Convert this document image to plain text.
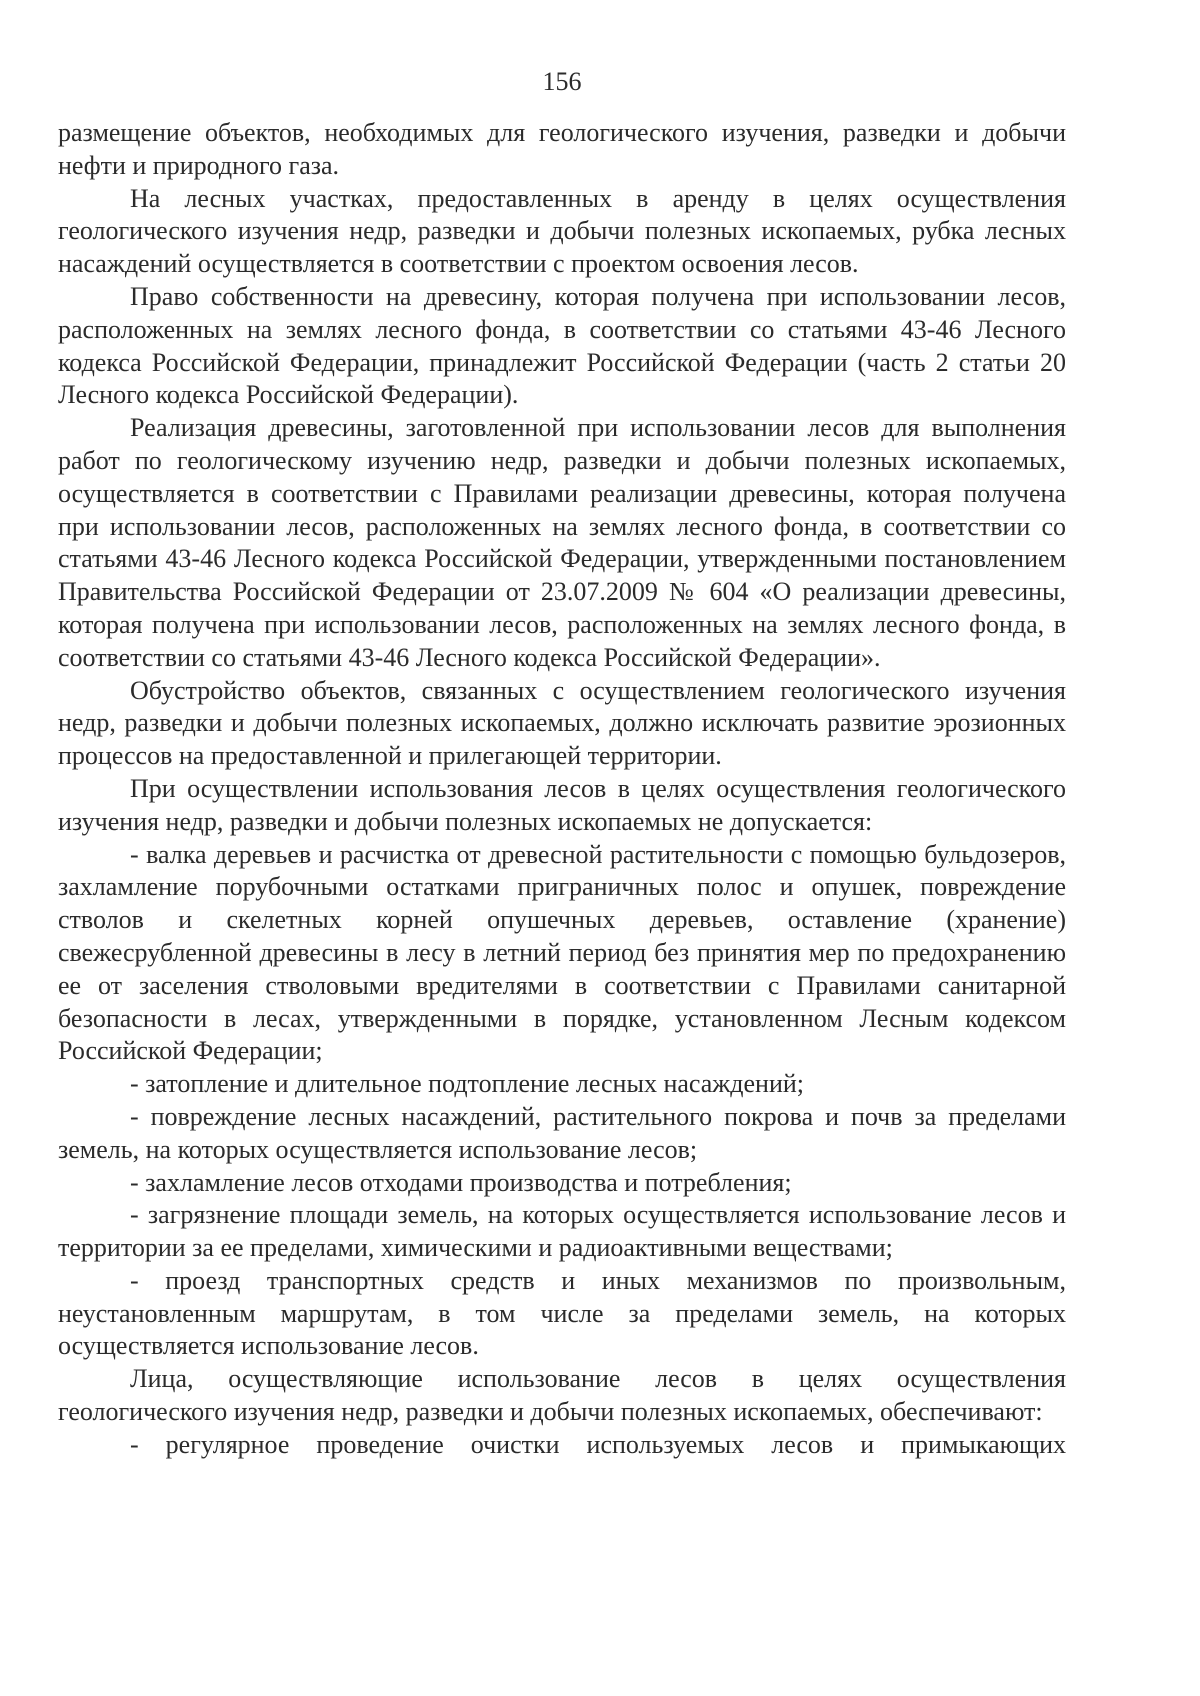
156

размещение объектов, необходимых для геологического изучения, разведки и добычи нефти и природного газа.

На лесных участках, предоставленных в аренду в целях осуществления геологического изучения недр, разведки и добычи полезных ископаемых, рубка лесных насаждений осуществляется в соответствии с проектом освоения лесов.

Право собственности на древесину, которая получена при использовании лесов, расположенных на землях лесного фонда, в соответствии со статьями 43-46 Лесного кодекса Российской Федерации, принадлежит Российской Федерации (часть 2 статьи 20 Лесного кодекса Российской Федерации).

Реализация древесины, заготовленной при использовании лесов для выполнения работ по геологическому изучению недр, разведки и добычи полезных ископаемых, осуществляется в соответствии с Правилами реализации древесины, которая получена при использовании лесов, расположенных на землях лесного фонда, в соответствии со статьями 43-46 Лесного кодекса Российской Федерации, утвержденными постановлением Правительства Российской Федерации от 23.07.2009 № 604 «О реализации древесины, которая получена при использовании лесов, расположенных на землях лесного фонда, в соответствии со статьями 43-46 Лесного кодекса Российской Федерации».

Обустройство объектов, связанных с осуществлением геологического изучения недр, разведки и добычи полезных ископаемых, должно исключать развитие эрозионных процессов на предоставленной и прилегающей территории.

При осуществлении использования лесов в целях осуществления геологического изучения недр, разведки и добычи полезных ископаемых не допускается:

- валка деревьев и расчистка от древесной растительности с помощью бульдозеров, захламление порубочными остатками приграничных полос и опушек, повреждение стволов и скелетных корней опушечных деревьев, оставление (хранение) свежесрубленной древесины в лесу в летний период без принятия мер по предохранению ее от заселения стволовыми вредителями в соответствии с Правилами санитарной безопасности в лесах, утвержденными в порядке, установленном Лесным кодексом Российской Федерации;

- затопление и длительное подтопление лесных насаждений;

- повреждение лесных насаждений, растительного покрова и почв за пределами земель, на которых осуществляется использование лесов;

- захламление лесов отходами производства и потребления;

- загрязнение площади земель, на которых осуществляется использование лесов и территории за ее пределами, химическими и радиоактивными веществами;

- проезд транспортных средств и иных механизмов по произвольным, неустановленным маршрутам, в том числе за пределами земель, на которых осуществляется использование лесов.

Лица, осуществляющие использование лесов в целях осуществления геологического изучения недр, разведки и добычи полезных ископаемых, обеспечивают:

- регулярное проведение очистки используемых лесов и примыкающих
